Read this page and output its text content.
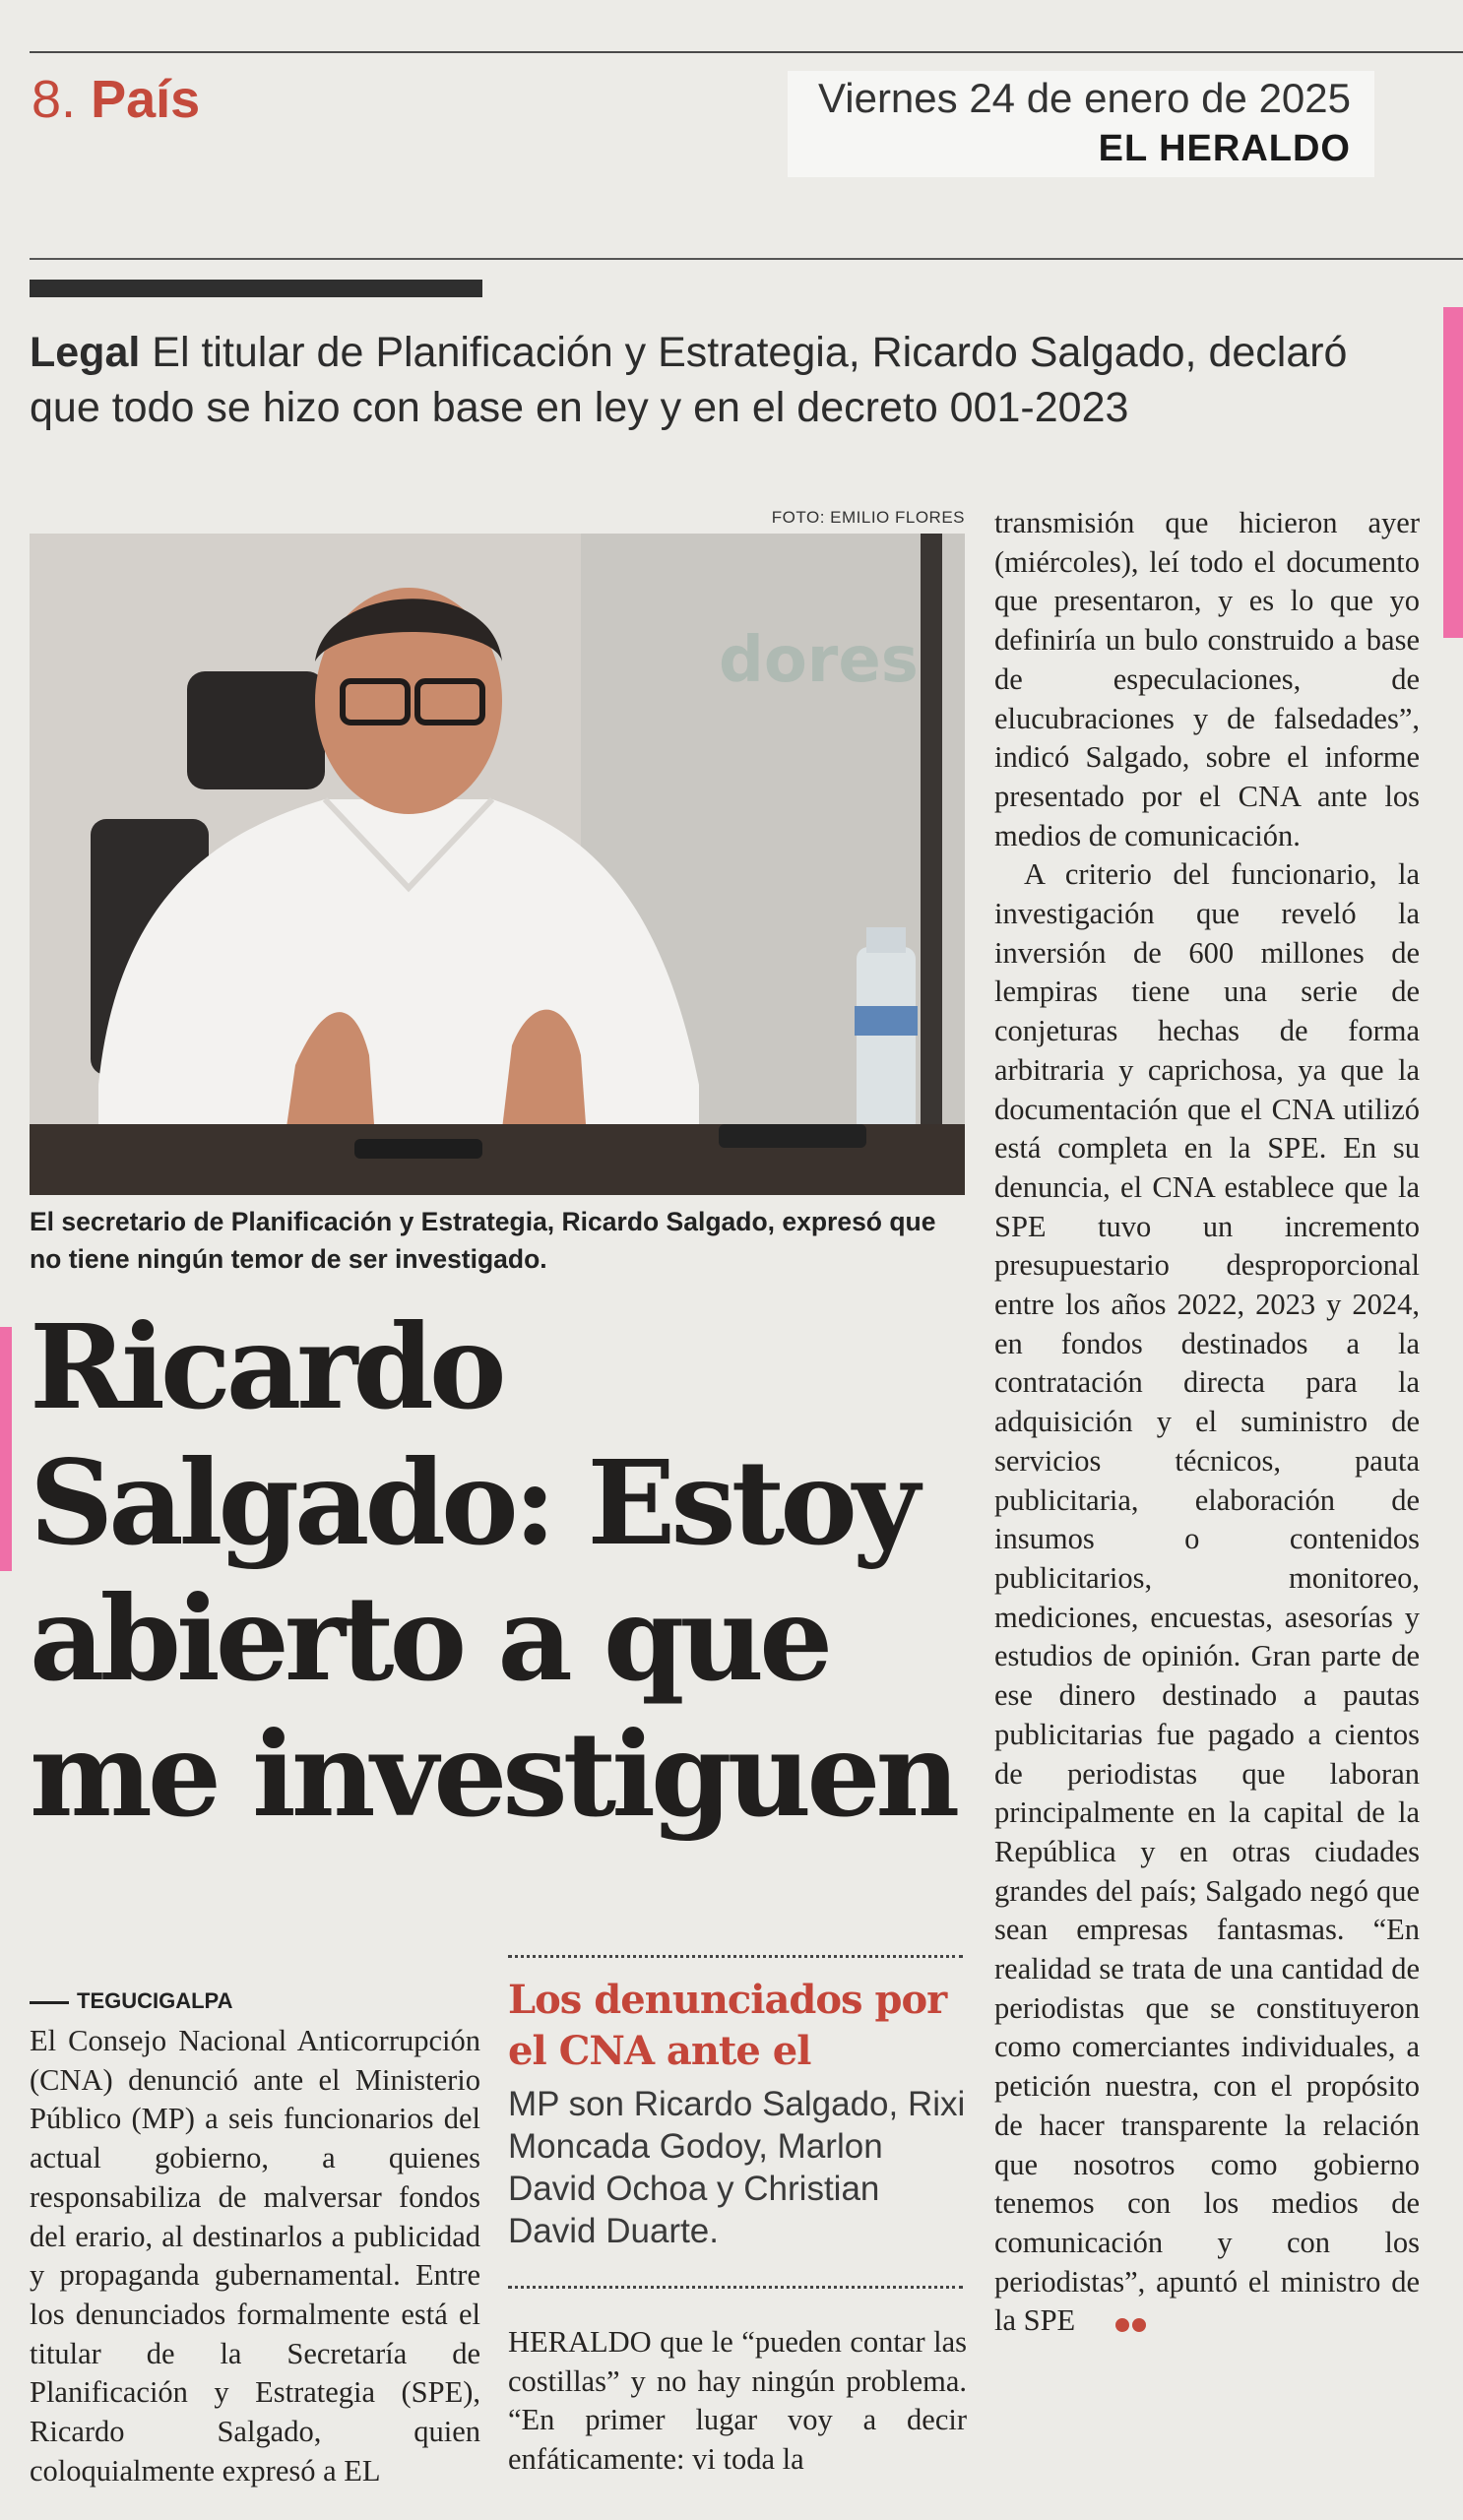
8. País	Viernes 24 de enero de 2025
EL HERALDO
Legal El titular de Planificación y Estrategia, Ricardo Salgado, declaró que todo se hizo con base en ley y en el decreto 001-2023
FOTO: EMILIO FLORES
dores
El secretario de Planificación y Estrategia, Ricardo Salgado, expresó que no tiene ningún temor de ser investigado.
Ricardo Salgado: Estoy abierto a que me investiguen
TEGUCIGALPA

El Consejo Nacional Anticorrupción (CNA) denunció ante el Ministerio Público (MP) a seis funcionarios del actual gobierno, a quienes responsabiliza de malversar fondos del erario, al destinarlos a publicidad y propaganda gubernamental. Entre los denunciados formalmente está el titular de la Secretaría de Planificación y Estrategia (SPE), Ricardo Salgado, quien coloquialmente expresó a EL

Los denunciados por el CNA ante el
MP son Ricardo Salgado, Rixi Moncada Godoy, Marlon David Ochoa y Christian David Duarte.

HERALDO que le “pueden contar las costillas” y no hay ningún problema. “En primer lugar voy a decir enfáticamente: vi toda la

transmisión que hicieron ayer (miércoles), leí todo el documento que presentaron, y es lo que yo definiría un bulo construido a base de especulaciones, de elucubraciones y de falsedades”, indicó Salgado, sobre el informe presentado por el CNA ante los medios de comunicación.

A criterio del funcionario, la investigación que reveló la inversión de 600 millones de lempiras tiene una serie de conjeturas hechas de forma arbitraria y caprichosa, ya que la documentación que el CNA utilizó está completa en la SPE. En su denuncia, el CNA establece que la SPE tuvo un incremento presupuestario desproporcional entre los años 2022, 2023 y 2024, en fondos destinados a la contratación directa para la adquisición y el suministro de servicios técnicos, pauta publicitaria, elaboración de insumos o contenidos publicitarios, monitoreo, mediciones, encuestas, asesorías y estudios de opinión. Gran parte de ese dinero destinado a pautas publicitarias fue pagado a cientos de periodistas que laboran principalmente en la capital de la República y en otras ciudades grandes del país; Salgado negó que sean empresas fantasmas. “En realidad se trata de una cantidad de periodistas que se constituyeron como comerciantes individuales, a petición nuestra, con el propósito de hacer transparente la relación que nosotros como gobierno tenemos con los medios de comunicación y con los periodistas”, apuntó el ministro de la SPE
